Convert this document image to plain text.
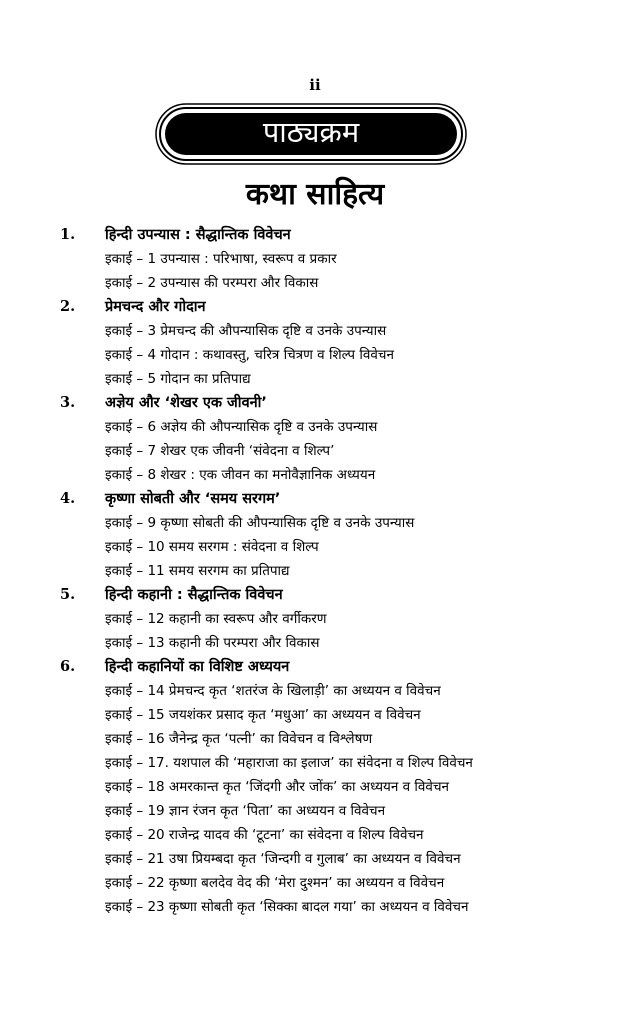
ii
पाठ्यक्रम
कथा साहित्य
1. हिन्दी उपन्यास : सैद्धान्तिक विवेचन
इकाई – 1 उपन्यास : परिभाषा, स्वरूप व प्रकार
इकाई – 2 उपन्यास की परम्परा और विकास
2. प्रेमचन्द और गोदान
इकाई – 3 प्रेमचन्द की औपन्यासिक दृष्टि व उनके उपन्यास
इकाई – 4 गोदान : कथावस्तु, चरित्र चित्रण व शिल्प विवेचन
इकाई – 5 गोदान का प्रतिपाद्य
3. अज्ञेय और ‘शेखर एक जीवनी’
इकाई – 6 अज्ञेय की औपन्यासिक दृष्टि व उनके उपन्यास
इकाई – 7 शेखर एक जीवनी ‘संवेदना व शिल्प’
इकाई – 8 शेखर : एक जीवन का मनोवैज्ञानिक अध्ययन
4. कृष्णा सोबती और ‘समय सरगम’
इकाई – 9 कृष्णा सोबती की औपन्यासिक दृष्टि व उनके उपन्यास
इकाई – 10 समय सरगम : संवेदना व शिल्प
इकाई – 11 समय सरगम का प्रतिपाद्य
5. हिन्दी कहानी : सैद्धान्तिक विवेचन
इकाई – 12 कहानी का स्वरूप और वर्गीकरण
इकाई – 13 कहानी की परम्परा और विकास
6. हिन्दी कहानियों का विशिष्ट अध्ययन
इकाई – 14 प्रेमचन्द कृत ‘शतरंज के खिलाड़ी’ का अध्ययन व विवेचन
इकाई – 15 जयशंकर प्रसाद कृत ‘मधुआ’ का अध्ययन व विवेचन
इकाई – 16 जैनेन्द्र कृत ‘पत्नी’ का विवेचन व विश्लेषण
इकाई – 17. यशपाल की ‘महाराजा का इलाज’ का संवेदना व शिल्प विवेचन
इकाई – 18 अमरकान्त कृत ‘जिंदगी और जोंक’ का अध्ययन व विवेचन
इकाई – 19 ज्ञान रंजन कृत ‘पिता’ का अध्ययन व विवेचन
इकाई – 20 राजेन्द्र यादव की ‘टूटना’ का संवेदना व शिल्प विवेचन
इकाई – 21 उषा प्रियम्बदा कृत ‘जिन्दगी व गुलाब’ का अध्ययन व विवेचन
इकाई – 22 कृष्णा बलदेव वेद की ‘मेरा दुश्मन’ का अध्ययन व विवेचन
इकाई – 23 कृष्णा सोबती कृत ‘सिक्का बादल गया’ का अध्ययन व विवेचन
